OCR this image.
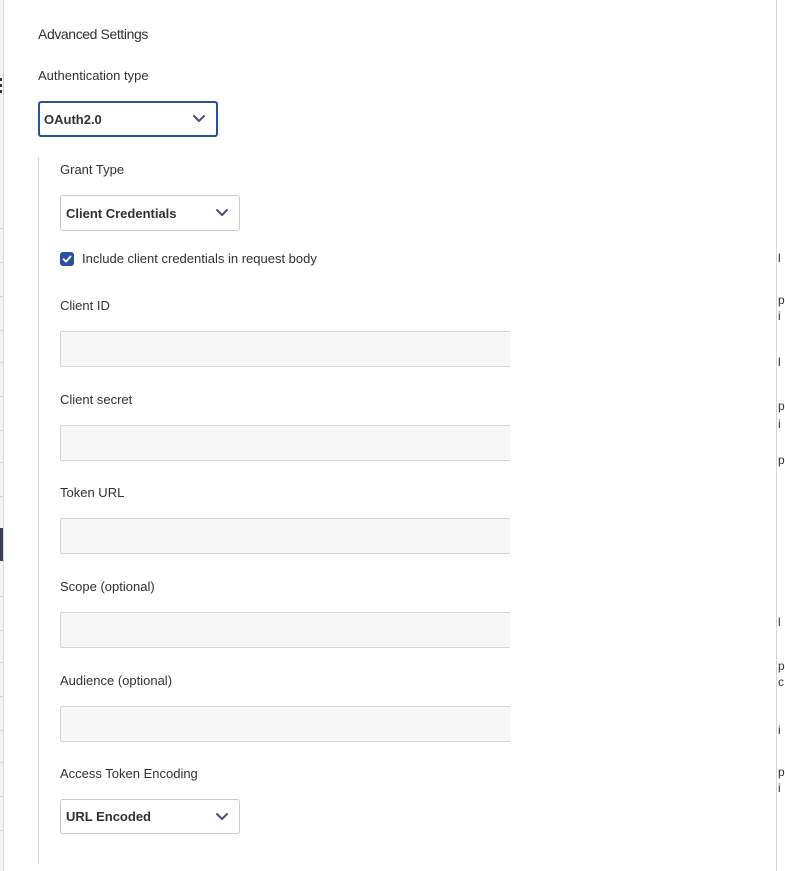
l
p
i
l
p
i
p
l
p
c
i
p
i
Advanced Settings
Authentication type
OAuth2.0
Grant Type
Client Credentials
Include client credentials in request body
Client ID
Client secret
Token URL
Scope (optional)
Audience (optional)
Access Token Encoding
URL Encoded
